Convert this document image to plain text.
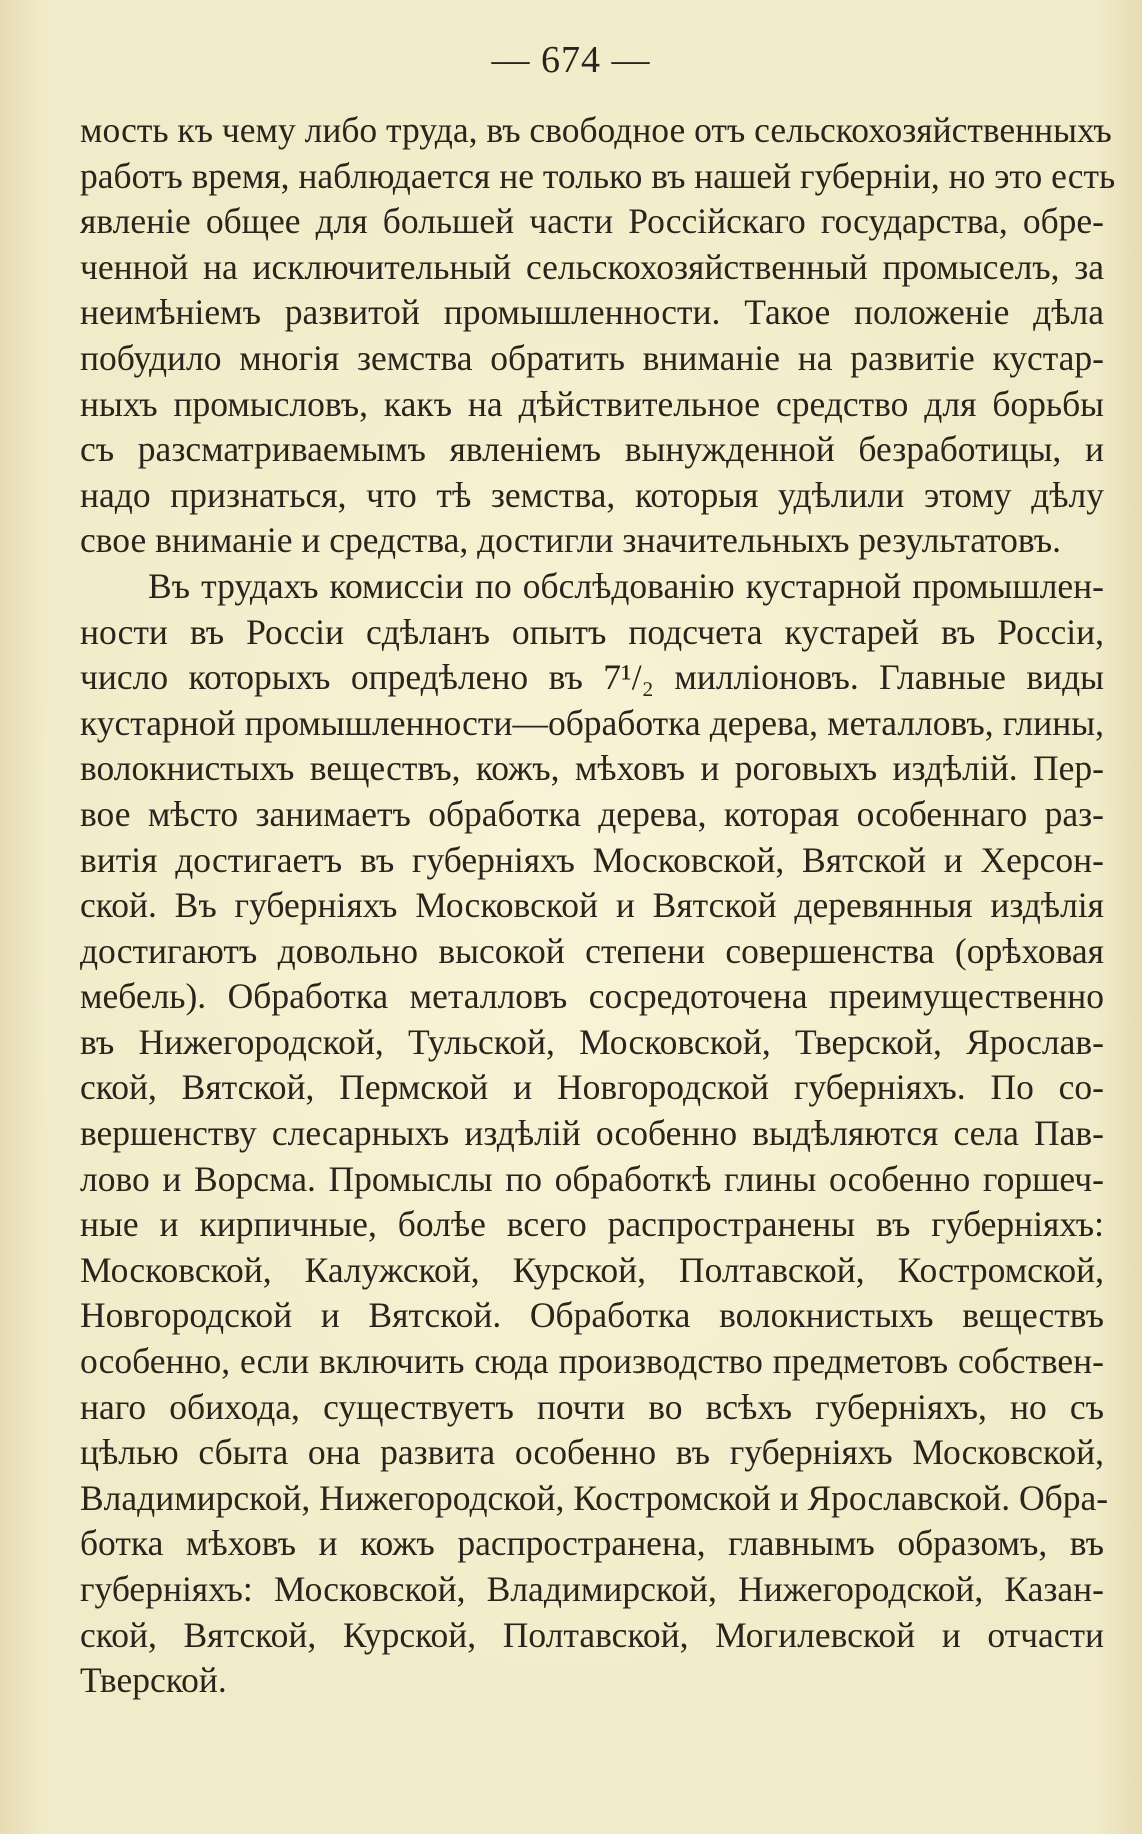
— 674 —
мость къ чему либо труда, въ свободное отъ сельскохозяйственныхъ
работъ время, наблюдается не только въ нашей губерніи, но это есть
явленіе общее для большей части Россійскаго государства, обре-
ченной на исключительный сельскохозяйственный промыселъ, за
неимѣніемъ развитой промышленности. Такое положеніе дѣла
побудило многія земства обратить вниманіе на развитіе кустар-
ныхъ промысловъ, какъ на дѣйствительное средство для борьбы
съ разсматриваемымъ явленіемъ вынужденной безработицы, и
надо признаться, что тѣ земства, которыя удѣлили этому дѣлу
свое вниманіе и средства, достигли значительныхъ результатовъ.
Въ трудахъ комиссіи по обслѣдованію кустарной промышлен-
ности въ Россіи сдѣланъ опытъ подсчета кустарей въ Россіи,
число которыхъ опредѣлено въ 7¹/₂ милліоновъ. Главные виды
кустарной промышленности—обработка дерева, металловъ, глины,
волокнистыхъ веществъ, кожъ, мѣховъ и роговыхъ издѣлій. Пер-
вое мѣсто занимаетъ обработка дерева, которая особеннаго раз-
витія достигаетъ въ губерніяхъ Московской, Вятской и Херсон-
ской. Въ губерніяхъ Московской и Вятской деревянныя издѣлія
достигаютъ довольно высокой степени совершенства (орѣховая
мебель). Обработка металловъ сосредоточена преимущественно
въ Нижегородской, Тульской, Московской, Тверской, Ярослав-
ской, Вятской, Пермской и Новгородской губерніяхъ. По со-
вершенству слесарныхъ издѣлій особенно выдѣляются села Пав-
лово и Ворсма. Промыслы по обработкѣ глины особенно горшеч-
ные и кирпичные, болѣе всего распространены въ губерніяхъ:
Московской, Калужской, Курской, Полтавской, Костромской,
Новгородской и Вятской. Обработка волокнистыхъ веществъ
особенно, если включить сюда производство предметовъ собствен-
наго обихода, существуетъ почти во всѣхъ губерніяхъ, но съ
цѣлью сбыта она развита особенно въ губерніяхъ Московской,
Владимирской, Нижегородской, Костромской и Ярославской. Обра-
ботка мѣховъ и кожъ распространена, главнымъ образомъ, въ
губерніяхъ: Московской, Владимирской, Нижегородской, Казан-
ской, Вятской, Курской, Полтавской, Могилевской и отчасти
Тверской.
